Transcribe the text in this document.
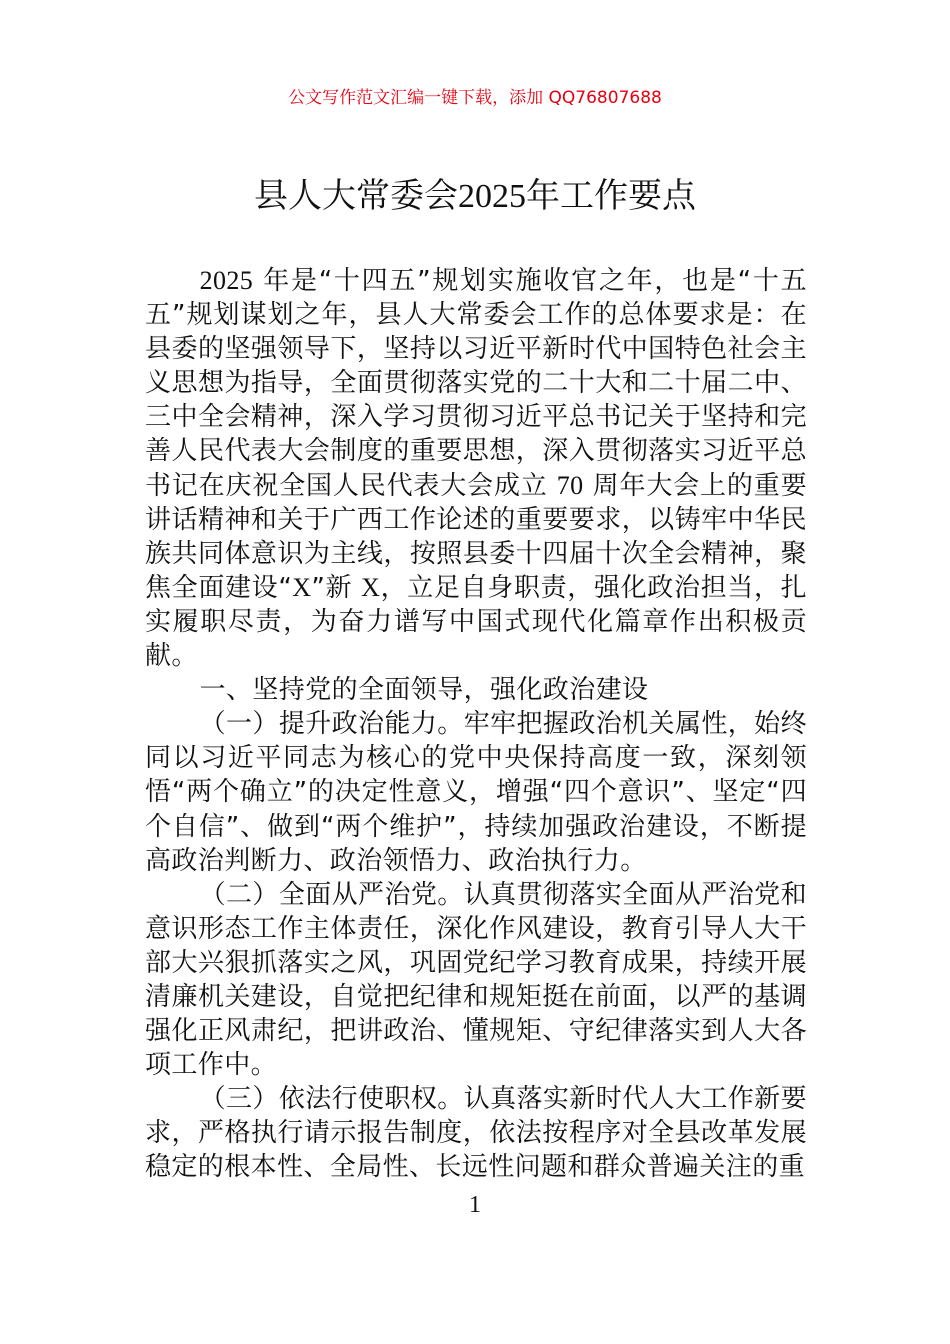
公文写作范文汇编一键下载，添加 QQ76807688
县人大常委会2025年工作要点

2025 年是“十四五”规划实施收官之年，也是“十五五”规划谋划之年，县人大常委会工作的总体要求是：在县委的坚强领导下，坚持以习近平新时代中国特色社会主义思想为指导，全面贯彻落实党的二十大和二十届二中、三中全会精神，深入学习贯彻习近平总书记关于坚持和完善人民代表大会制度的重要思想，深入贯彻落实习近平总书记在庆祝全国人民代表大会成立 70 周年大会上的重要讲话精神和关于广西工作论述的重要要求，以铸牢中华民族共同体意识为主线，按照县委十四届十次全会精神，聚焦全面建设“X”新 X，立足自身职责，强化政治担当，扎实履职尽责，为奋力谱写中国式现代化篇章作出积极贡献。

一、坚持党的全面领导，强化政治建设

（一）提升政治能力。牢牢把握政治机关属性，始终同以习近平同志为核心的党中央保持高度一致，深刻领悟“两个确立”的决定性意义，增强“四个意识”、坚定“四个自信”、做到“两个维护”，持续加强政治建设，不断提高政治判断力、政治领悟力、政治执行力。

（二）全面从严治党。认真贯彻落实全面从严治党和意识形态工作主体责任，深化作风建设，教育引导人大干部大兴狠抓落实之风，巩固党纪学习教育成果，持续开展清廉机关建设，自觉把纪律和规矩挺在前面，以严的基调强化正风肃纪，把讲政治、懂规矩、守纪律落实到人大各项工作中。

（三）依法行使职权。认真落实新时代人大工作新要求，严格执行请示报告制度，依法按程序对全县改革发展稳定的根本性、全局性、长远性问题和群众普遍关注的重

1
